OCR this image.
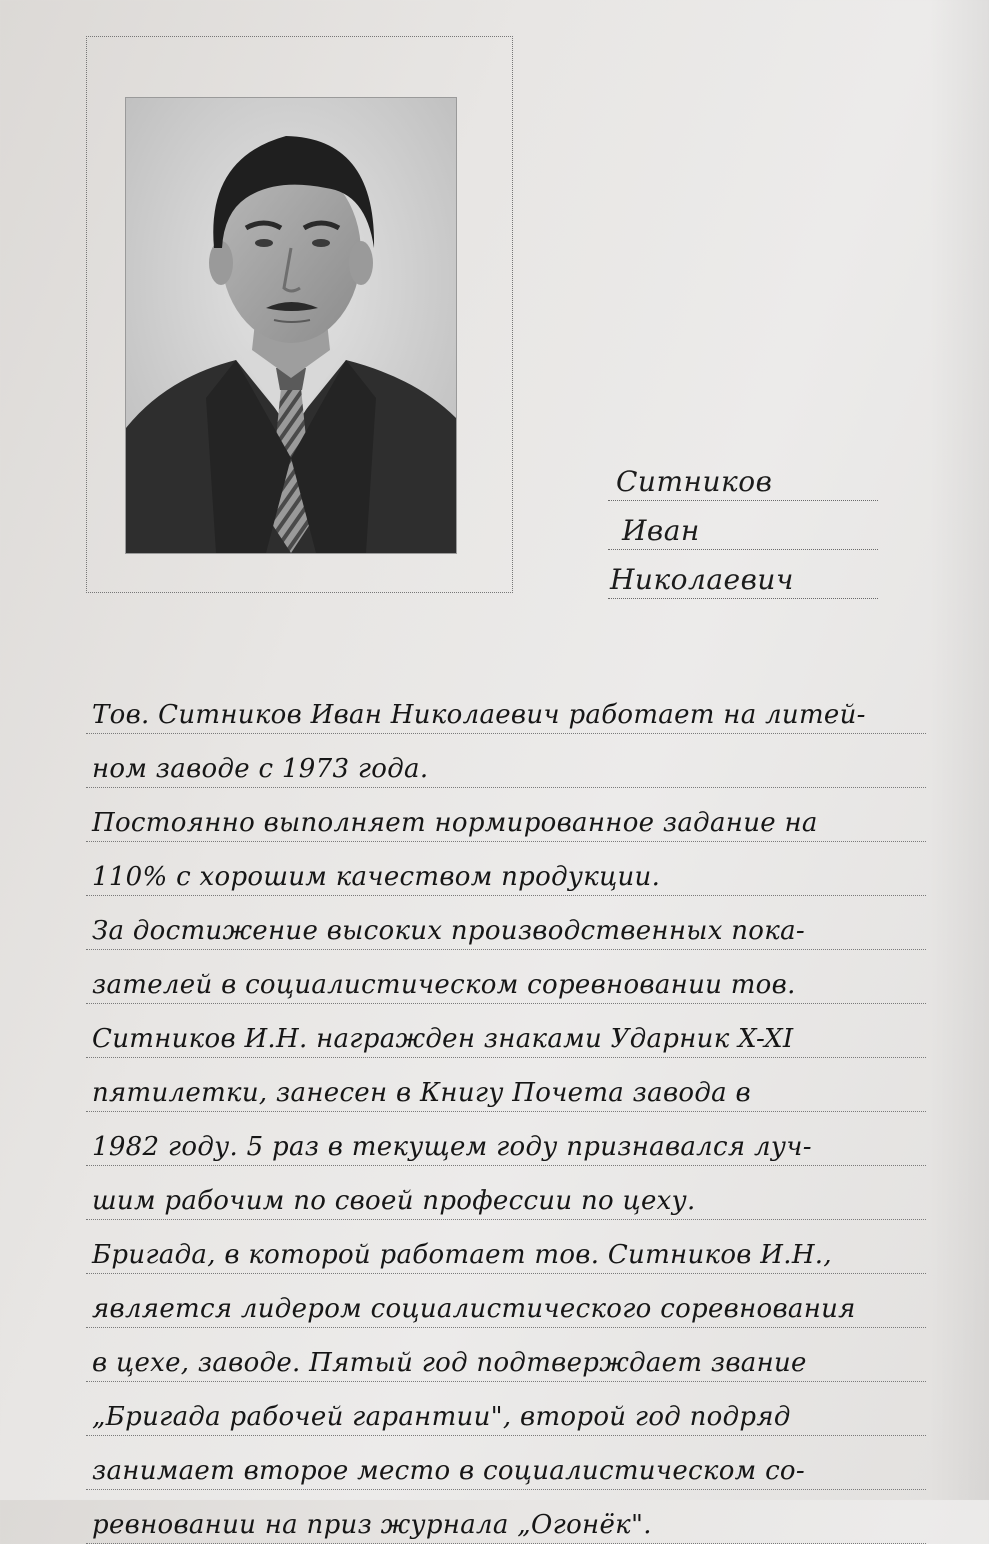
Ситников
Иван
Николаевич
Тов. Ситников Иван Николаевич работает на литей-
ном заводе с 1973 года.
Постоянно выполняет нормированное задание на
110% с хорошим качеством продукции.
За достижение высоких производственных пока-
зателей в социалистическом соревновании тов.
Ситников И.Н. награжден знаками Ударник X-XI
пятилетки, занесен в Книгу Почета завода в
1982 году. 5 раз в текущем году признавался луч-
шим рабочим по своей профессии по цеху.
Бригада, в которой работает тов. Ситников И.Н.,
является лидером социалистического соревнования
в цехе, заводе. Пятый год подтверждает звание
„Бригада рабочей гарантии", второй год подряд
занимает второе место в социалистическом со-
ревновании на приз журнала „Огонёк".
